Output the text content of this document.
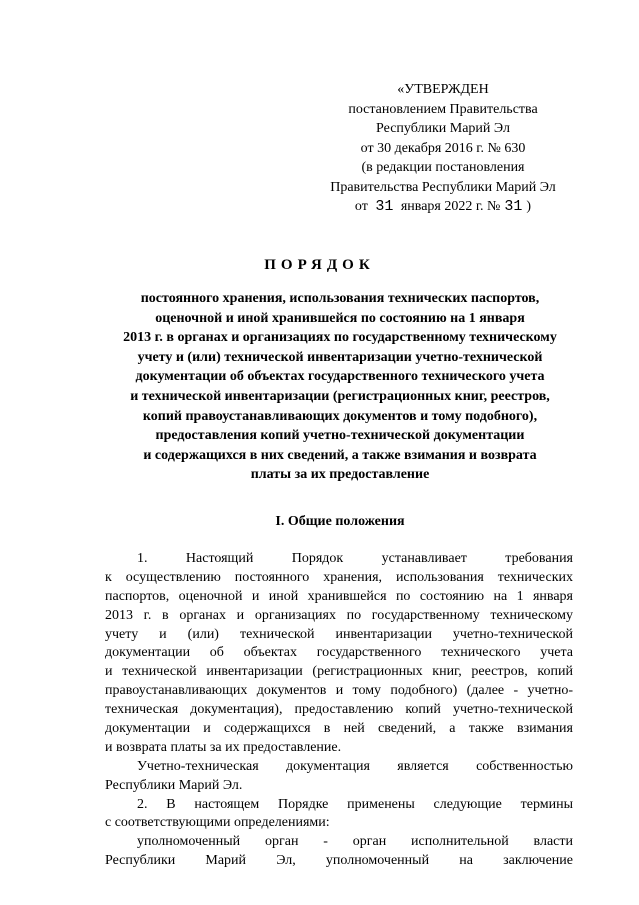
«УТВЕРЖДЕН
постановлением Правительства
Республики Марий Эл
от 30 декабря 2016 г. № 630
(в редакции постановления
Правительства Республики Марий Эл
от 31 января 2022 г. № 31 )
ПОРЯДОК
постоянного хранения, использования технических паспортов,
оценочной и иной хранившейся по состоянию на 1 января
2013 г. в органах и организациях по государственному техническому
учету и (или) технической инвентаризации учетно-технической
документации об объектах государственного технического учета
и технической инвентаризации (регистрационных книг, реестров,
копий правоустанавливающих документов и тому подобного),
предоставления копий учетно-технической документации
и содержащихся в них сведений, а также взимания и возврата
платы за их предоставление
I. Общие положения
1. Настоящий Порядок устанавливает требования
к осуществлению постоянного хранения, использования технических
паспортов, оценочной и иной хранившейся по состоянию на 1 января
2013 г. в органах и организациях по государственному техническому
учету и (или) технической инвентаризации учетно-технической
документации об объектах государственного технического учета
и технической инвентаризации (регистрационных книг, реестров, копий
правоустанавливающих документов и тому подобного) (далее - учетно-
техническая документация), предоставлению копий учетно-технической
документации и содержащихся в ней сведений, а также взимания
и возврата платы за их предоставление.
Учетно-техническая документация является собственностью
Республики Марий Эл.
2. В настоящем Порядке применены следующие термины
с соответствующими определениями:
уполномоченный орган - орган исполнительной власти
Республики Марий Эл, уполномоченный на заключение
